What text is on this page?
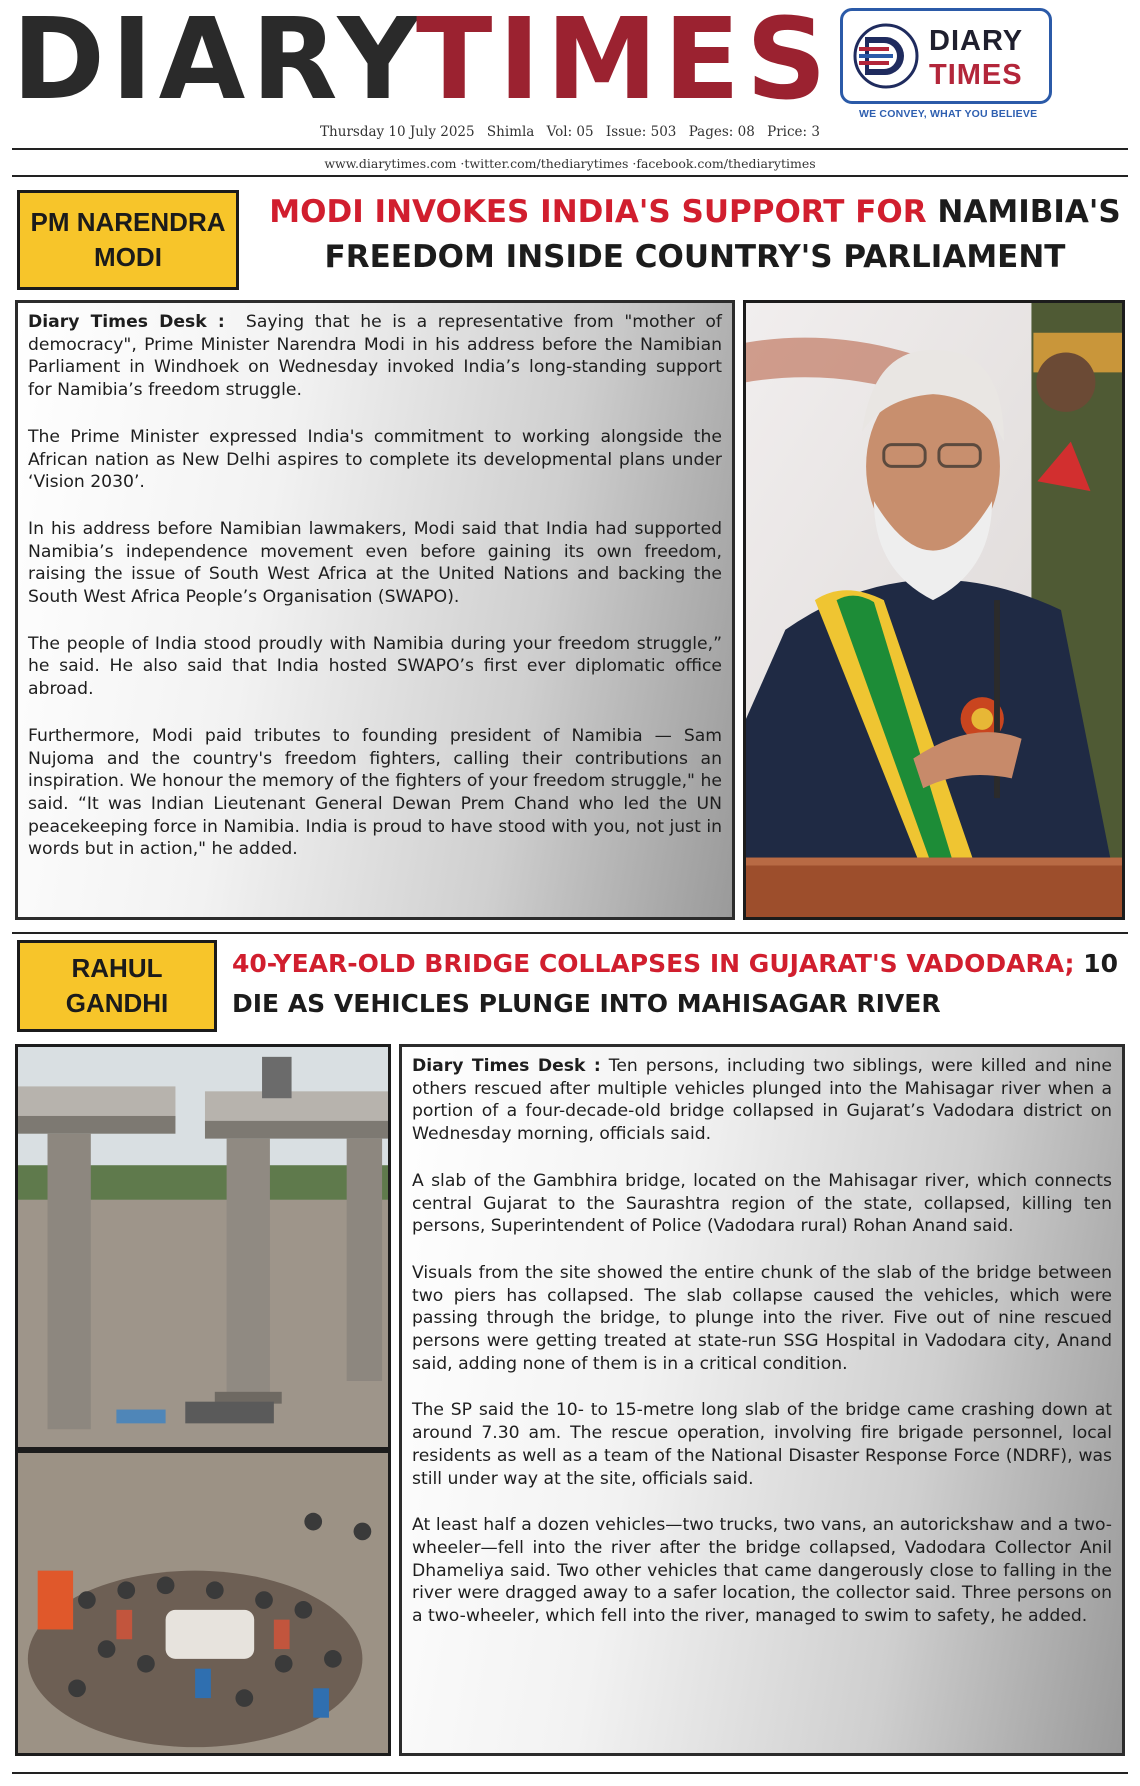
DIARY
TIMES	DIARY
TIMES
WE CONVEY, WHAT YOU BELIEVE
Thursday 10 July 2025 Shimla Vol: 05 Issue: 503 Pages: 08 Price: 3
www.diarytimes.com ·twitter.com/thediarytimes ·facebook.com/thediarytimes
PM NARENDRA MODI
MODI INVOKES INDIA'S SUPPORT FOR NAMIBIA'S FREEDOM INSIDE COUNTRY'S PARLIAMENT

Diary Times Desk : Saying that he is a representative from "mother of democracy", Prime Minister Narendra Modi in his address before the Namibian Parliament in Windhoek on Wednesday invoked India’s long-standing support for Namibia’s freedom struggle.

The Prime Minister expressed India's commitment to working alongside the African nation as New Delhi aspires to complete its developmental plans under ‘Vision 2030’.

In his address before Namibian lawmakers, Modi said that India had supported Namibia’s independence movement even before gaining its own freedom, raising the issue of South West Africa at the United Nations and backing the South West Africa People’s Organisation (SWAPO).

The people of India stood proudly with Namibia during your freedom struggle,” he said. He also said that India hosted SWAPO’s first ever diplomatic office abroad.

Furthermore, Modi paid tributes to founding president of Namibia — Sam Nujoma and the country's freedom fighters, calling their contributions an inspiration. We honour the memory of the fighters of your freedom struggle," he said. “It was Indian Lieutenant General Dewan Prem Chand who led the UN peacekeeping force in Namibia. India is proud to have stood with you, not just in words but in action," he added.

RAHUL GANDHI
40-YEAR-OLD BRIDGE COLLAPSES IN GUJARAT'S VADODARA; 10 DIE AS VEHICLES PLUNGE INTO MAHISAGAR RIVER

Diary Times Desk : Ten persons, including two siblings, were killed and nine others rescued after multiple vehicles plunged into the Mahisagar river when a portion of a four-decade-old bridge collapsed in Gujarat’s Vadodara district on Wednesday morning, officials said.

A slab of the Gambhira bridge, located on the Mahisagar river, which connects central Gujarat to the Saurashtra region of the state, collapsed, killing ten persons, Superintendent of Police (Vadodara rural) Rohan Anand said.

Visuals from the site showed the entire chunk of the slab of the bridge between two piers has collapsed. The slab collapse caused the vehicles, which were passing through the bridge, to plunge into the river. Five out of nine rescued persons were getting treated at state-run SSG Hospital in Vadodara city, Anand said, adding none of them is in a critical condition.

The SP said the 10- to 15-metre long slab of the bridge came crashing down at around 7.30 am. The rescue operation, involving fire brigade personnel, local residents as well as a team of the National Disaster Response Force (NDRF), was still under way at the site, officials said.

At least half a dozen vehicles—two trucks, two vans, an autorickshaw and a two-wheeler—fell into the river after the bridge collapsed, Vadodara Collector Anil Dhameliya said. Two other vehicles that came dangerously close to falling in the river were dragged away to a safer location, the collector said. Three persons on a two-wheeler, which fell into the river, managed to swim to safety, he added.
